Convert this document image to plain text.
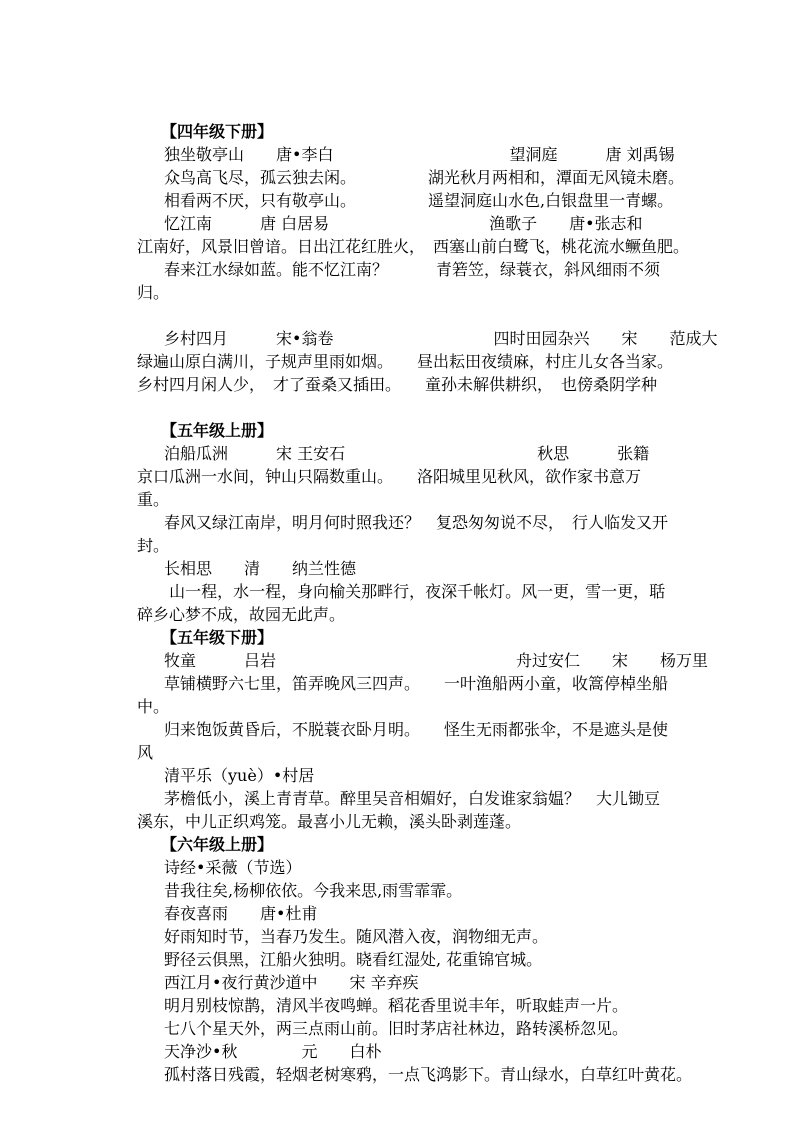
【四年级下册】
独坐敬亭山　　唐•李白　　　　　　　　　　　望洞庭　　　唐 刘禹锡
众鸟高飞尽，孤云独去闲。　　　　　湖光秋月两相和，潭面无风镜未磨。
相看两不厌，只有敬亭山。　　　　　遥望洞庭山水色,白银盘里一青螺。
忆江南　　　唐 白居易　　　　　　　　　　渔歌子　　唐•张志和
江南好，风景旧曾谙。日出江花红胜火，　西塞山前白鹭飞，桃花流水鳜鱼肥。
春来江水绿如蓝。能不忆江南？　　　青箬笠，绿蓑衣，斜风细雨不须
归。
乡村四月　　　宋•翁卷　　　　　　　　　　四时田园杂兴　　宋　　范成大
绿遍山原白满川，子规声里雨如烟。　　昼出耘田夜绩麻，村庄儿女各当家。
乡村四月闲人少，　才了蚕桑又插田。　　童孙未解供耕织，　也傍桑阴学种
【五年级上册】
泊船瓜洲　　　宋 王安石　　　　　　　　　　　　秋思　　　张籍
京口瓜洲一水间，钟山只隔数重山。　　洛阳城里见秋风，欲作家书意万
重。
春风又绿江南岸，明月何时照我还？　复恐匆匆说不尽，　行人临发又开
封。
长相思　　清　　纳兰性德
山一程，水一程，身向榆关那畔行，夜深千帐灯。风一更，雪一更，聒
碎乡心梦不成，故园无此声。
【五年级下册】
牧童　　　吕岩　　　　　　　　　　　　　　　舟过安仁　　宋　　杨万里
草铺横野六七里，笛弄晚风三四声。　　一叶渔船两小童，收篙停棹坐船
中。
归来饱饭黄昏后，不脱蓑衣卧月明。　　怪生无雨都张伞，不是遮头是使
风
清平乐（yuè）•村居
茅檐低小，溪上青青草。醉里吴音相媚好，白发谁家翁媪？　大儿锄豆
溪东，中儿正织鸡笼。最喜小儿无赖，溪头卧剥莲蓬。
【六年级上册】
诗经•采薇（节选）
昔我往矣,杨柳依依。今我来思,雨雪霏霏。
春夜喜雨　　唐•杜甫
好雨知时节，当春乃发生。随风潜入夜，润物细无声。
野径云俱黑，江船火独明。晓看红湿处, 花重锦官城。
西江月•夜行黄沙道中　　宋 辛弃疾
明月别枝惊鹊，清风半夜鸣蝉。稻花香里说丰年，听取蛙声一片。
七八个星天外，两三点雨山前。旧时茅店社林边，路转溪桥忽见。
天净沙•秋　　　　元　　白朴
孤村落日残霞，轻烟老树寒鸦，一点飞鸿影下。青山绿水，白草红叶黄花。
